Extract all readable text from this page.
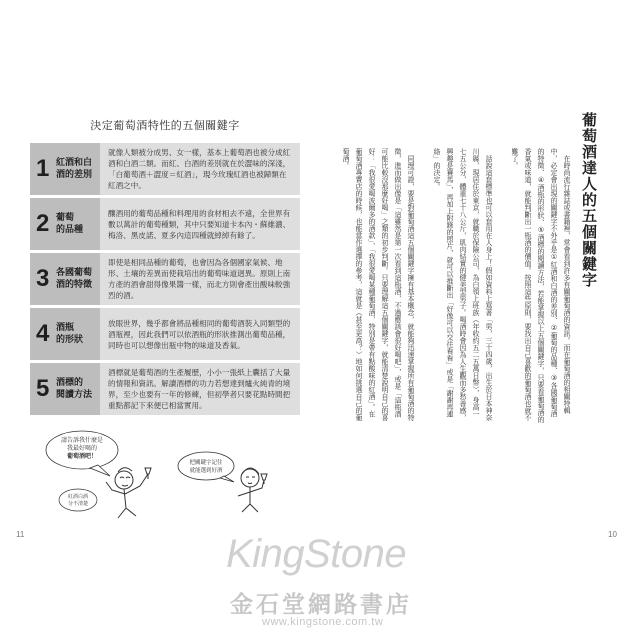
決定葡萄酒特性的五個關鍵字
1 紅酒和白
酒的差別
就像人類被分成男、女一樣，基本上葡萄酒也被分成紅酒和白酒二類。而紅、白酒的差別就在於澀味的深淺，「白葡萄酒＋澀度＝紅酒」，現今玫瑰紅酒也被歸類在紅酒之中。
2 葡萄
的品種
釀酒用的葡萄品種和料理用的食材相去不遠，全世界有數以萬計的葡萄種類，其中只要知道卡本內・蘇維濃、梅洛、黑皮諾、夏多內這四種就綽綽有餘了。
3 各國葡萄
酒的特徵
即使是相同品種的葡萄，也會因為各個國家氣候、地形、土壤的差異而使栽培出的葡萄味道迥異。原則上南方產的酒會甜得像果醬一樣，而北方則會產出酸味較強烈的酒。
4 酒瓶
的形狀
放眼世界，幾乎都會將品種相同的葡萄酒裝入同類型的酒瓶裡，因此我們可以依酒瓶的形狀推測出葡萄品種，同時也可以想像出瓶中物的味道及香氣。
5 酒標的
閱讀方法
酒標就是葡萄酒的生產履歷，小小一張紙上囊括了大量的情報和資訊。解讀酒標的功力若想達到爐火純青的境界，至少也要有一年的修練，但初學者只要花點時間把重點都記下來便已相當實用。
請告訴我什麼是
我最好喝的
葡萄酒吧！
紅酒白酒
分不清楚
把關鍵字記住
就能選到好酒
11
葡萄酒達人的五個關鍵字

在時尚流行雜誌或書籍裡，常會看到許多有關葡萄酒的資訊。而在葡萄酒的相關特輯中，必定會出現的關鍵字不外乎是①紅酒和白酒的差別、②葡萄的品種、③各國葡萄酒的特徵、④酒瓶的形狀、⑤酒標的閱讀方法，若能掌握以上五個關鍵字，只要看葡萄酒的香氣或味道，就能判斷出一瓶酒的價值。按照這些原則，要找出自己喜歡的葡萄酒也就不難了。

話說這套標準也可以套用在人身上！假如資料上寫著「男，三十四歲，出生於日本神奈川縣，現居住於東京，就職於保險公司，為白領上班族（年收約五二五萬日幣），身高一七五公分，體重七十八公斤，肌肉結實的健美型男子。喝酒時會因為人生觀而多愁善感，興趣是賽馬」，再加上附錄的照片，就可以推斷出「好像可以交往看看」或是「謝謝再連絡」的決定。

同理可證，要是對葡萄酒這五個關鍵字擁有基本概念，就能夠迅速掌握所有葡萄酒的特徵，進而做出像是「這雖然是第一次看到這瓶酒，不過應該會很好喝吧」，或是「這瓶酒可能比較沒那麼好喝」之類的初步判斷。只要理解這五個關鍵字，就能清楚說明自己的喜好：「我很愛喝波爾多的酒款」、「我很愛喝某種葡萄酒，特別是帶有點酸味的紅酒」。在葡萄酒專賣店的時候，也能當作選擇的參考，這就是（甚至更高？）地如何挑選自己的葡萄酒。

10
KingStone
金石堂網路書店
www.kingstone.com.tw
